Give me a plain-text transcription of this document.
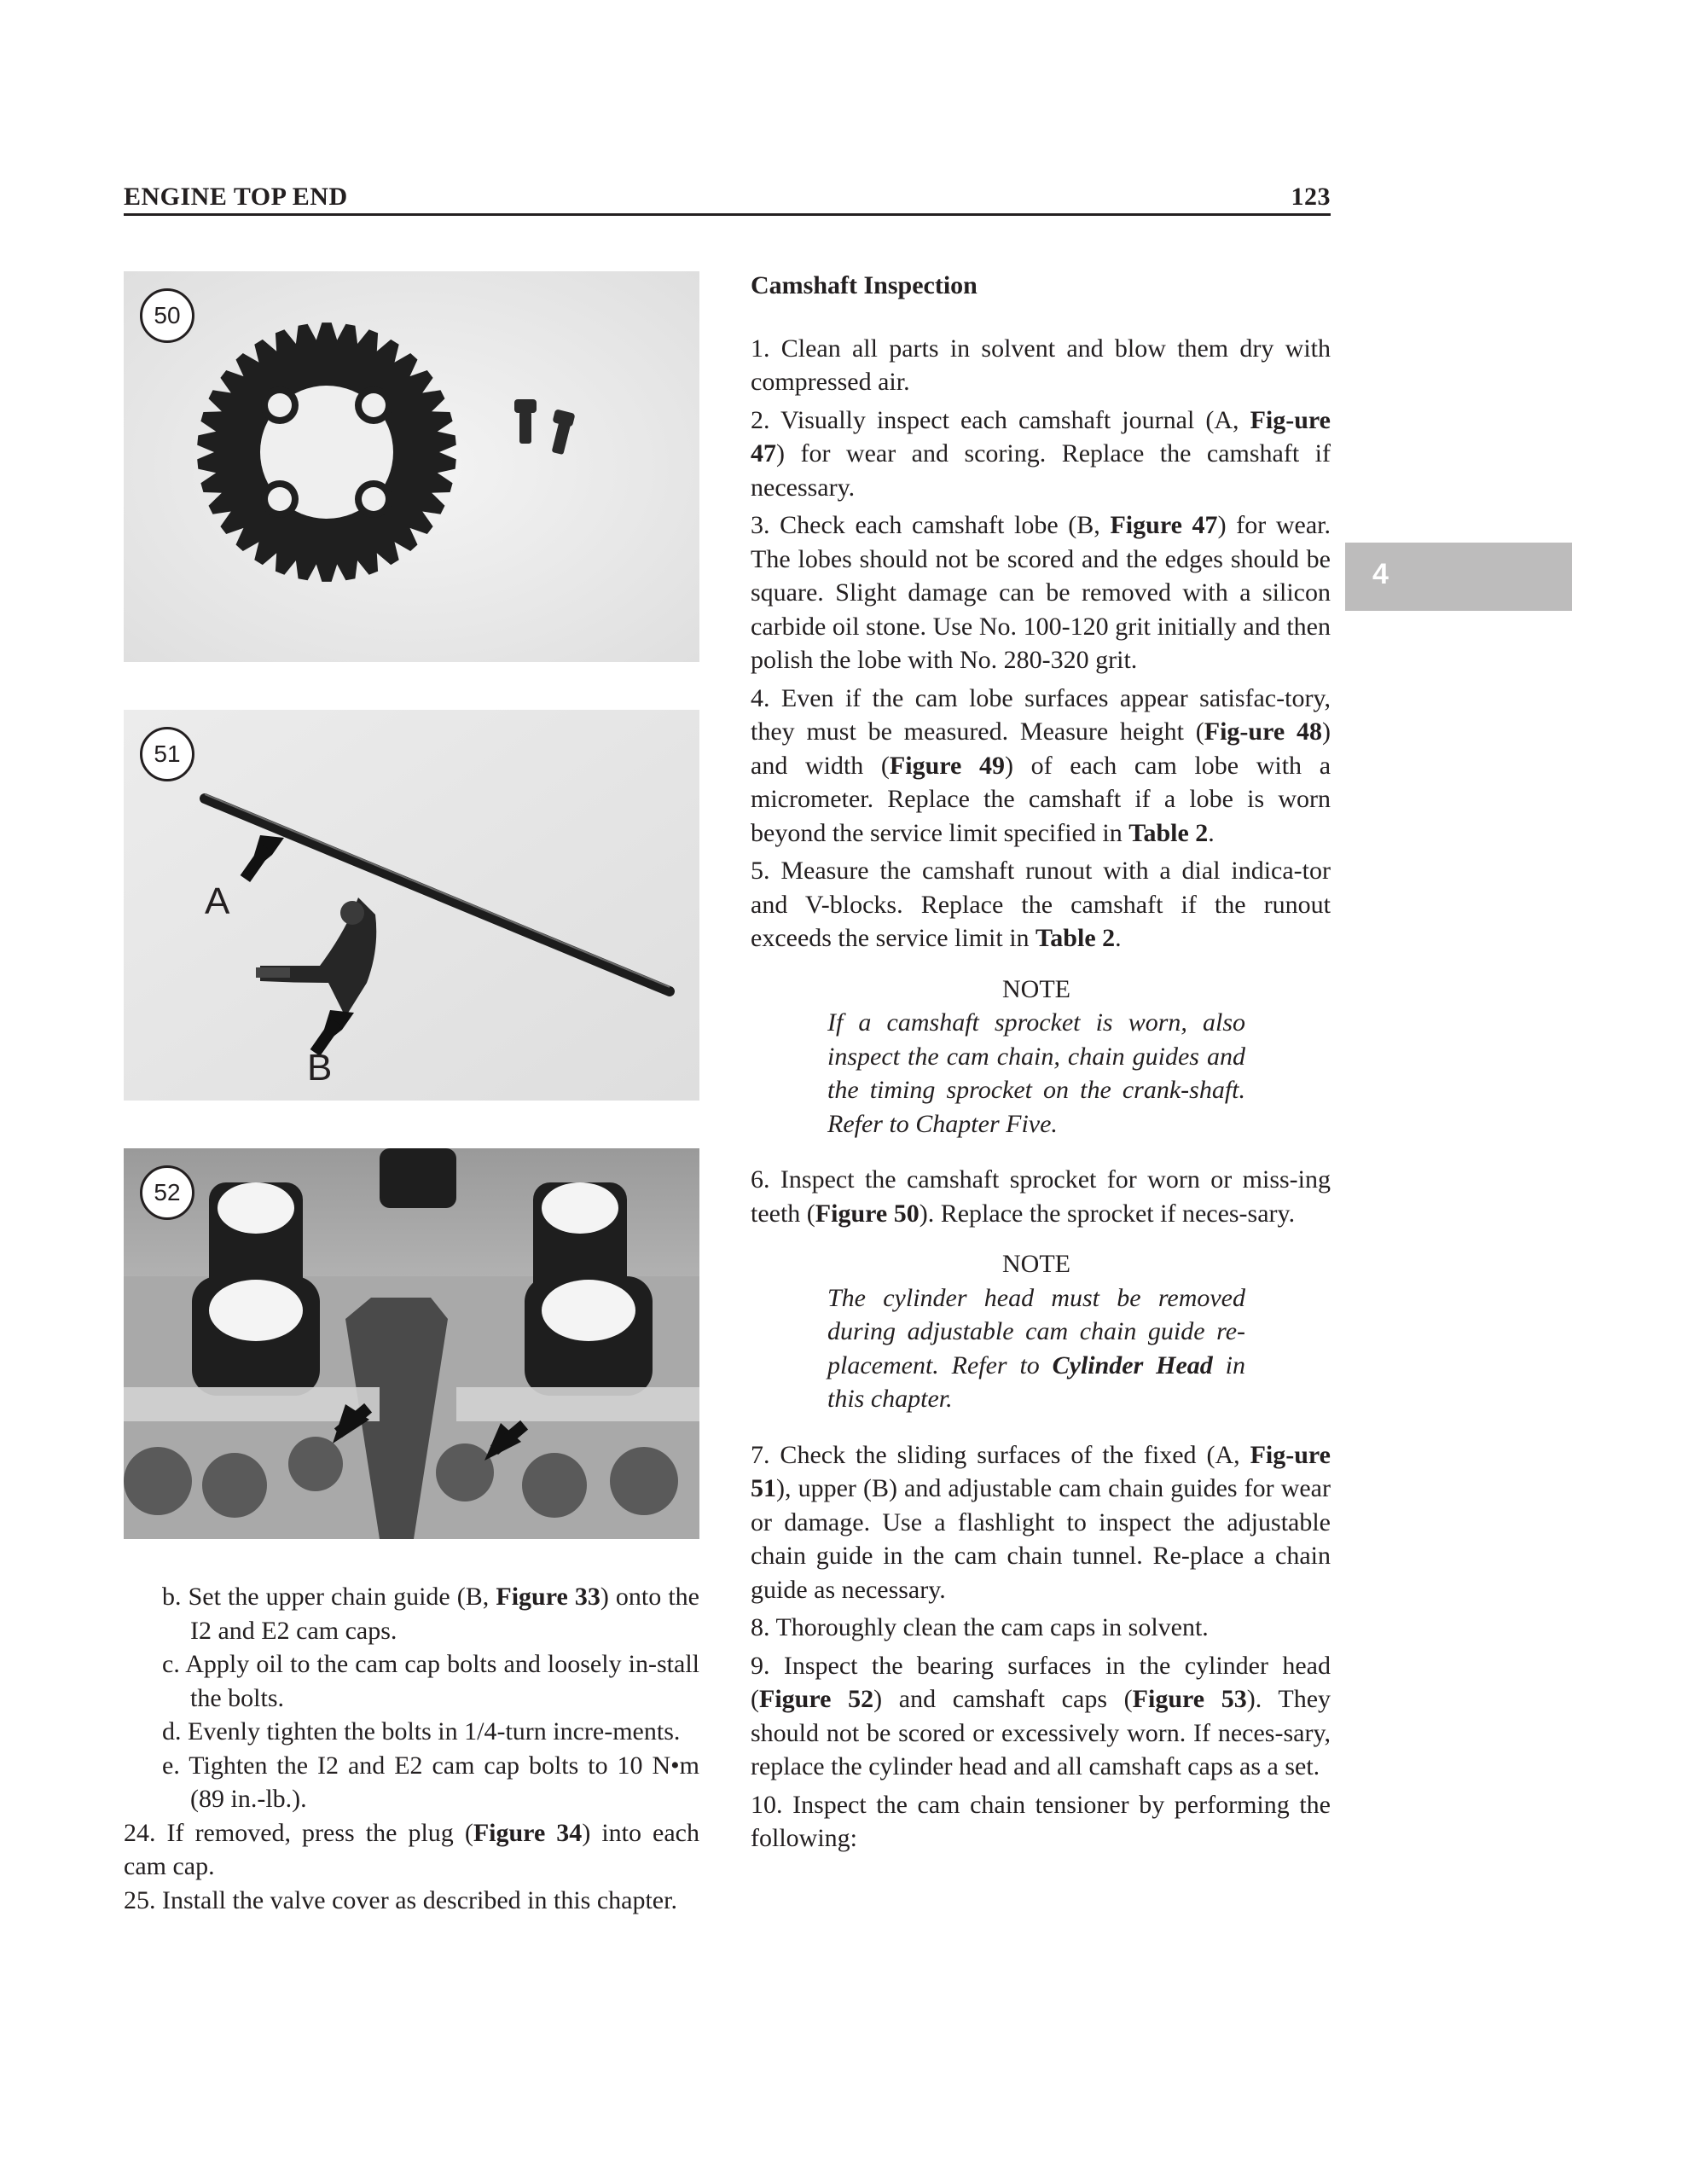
ENGINE TOP END	123
50
51
A
B
52

b. Set the upper chain guide (B, Figure 33) onto the I2 and E2 cam caps.

c. Apply oil to the cam cap bolts and loosely in-stall the bolts.

d. Evenly tighten the bolts in 1/4-turn incre-ments.

e. Tighten the I2 and E2 cam cap bolts to 10 N•m (89 in.-lb.).

24. If removed, press the plug (Figure 34) into each cam cap.

25. Install the valve cover as described in this chapter.

Camshaft Inspection

1. Clean all parts in solvent and blow them dry with compressed air.

2. Visually inspect each camshaft journal (A, Fig-ure 47) for wear and scoring. Replace the camshaft if necessary.

3. Check each camshaft lobe (B, Figure 47) for wear. The lobes should not be scored and the edges should be square. Slight damage can be removed with a silicon carbide oil stone. Use No. 100-120 grit initially and then polish the lobe with No. 280-320 grit.

4. Even if the cam lobe surfaces appear satisfac-tory, they must be measured. Measure height (Fig-ure 48) and width (Figure 49) of each cam lobe with a micrometer. Replace the camshaft if a lobe is worn beyond the service limit specified in Table 2.

5. Measure the camshaft runout with a dial indica-tor and V-blocks. Replace the camshaft if the runout exceeds the service limit in Table 2.

NOTE

If a camshaft sprocket is worn, also inspect the cam chain, chain guides and the timing sprocket on the crank-shaft. Refer to Chapter Five.

6. Inspect the camshaft sprocket for worn or miss-ing teeth (Figure 50). Replace the sprocket if neces-sary.

NOTE

The cylinder head must be removed during adjustable cam chain guide re-placement. Refer to Cylinder Head in this chapter.

7. Check the sliding surfaces of the fixed (A, Fig-ure 51), upper (B) and adjustable cam chain guides for wear or damage. Use a flashlight to inspect the adjustable chain guide in the cam chain tunnel. Re-place a chain guide as necessary.

8. Thoroughly clean the cam caps in solvent.

9. Inspect the bearing surfaces in the cylinder head (Figure 52) and camshaft caps (Figure 53). They should not be scored or excessively worn. If neces-sary, replace the cylinder head and all camshaft caps as a set.

10. Inspect the cam chain tensioner by performing the following:

4
